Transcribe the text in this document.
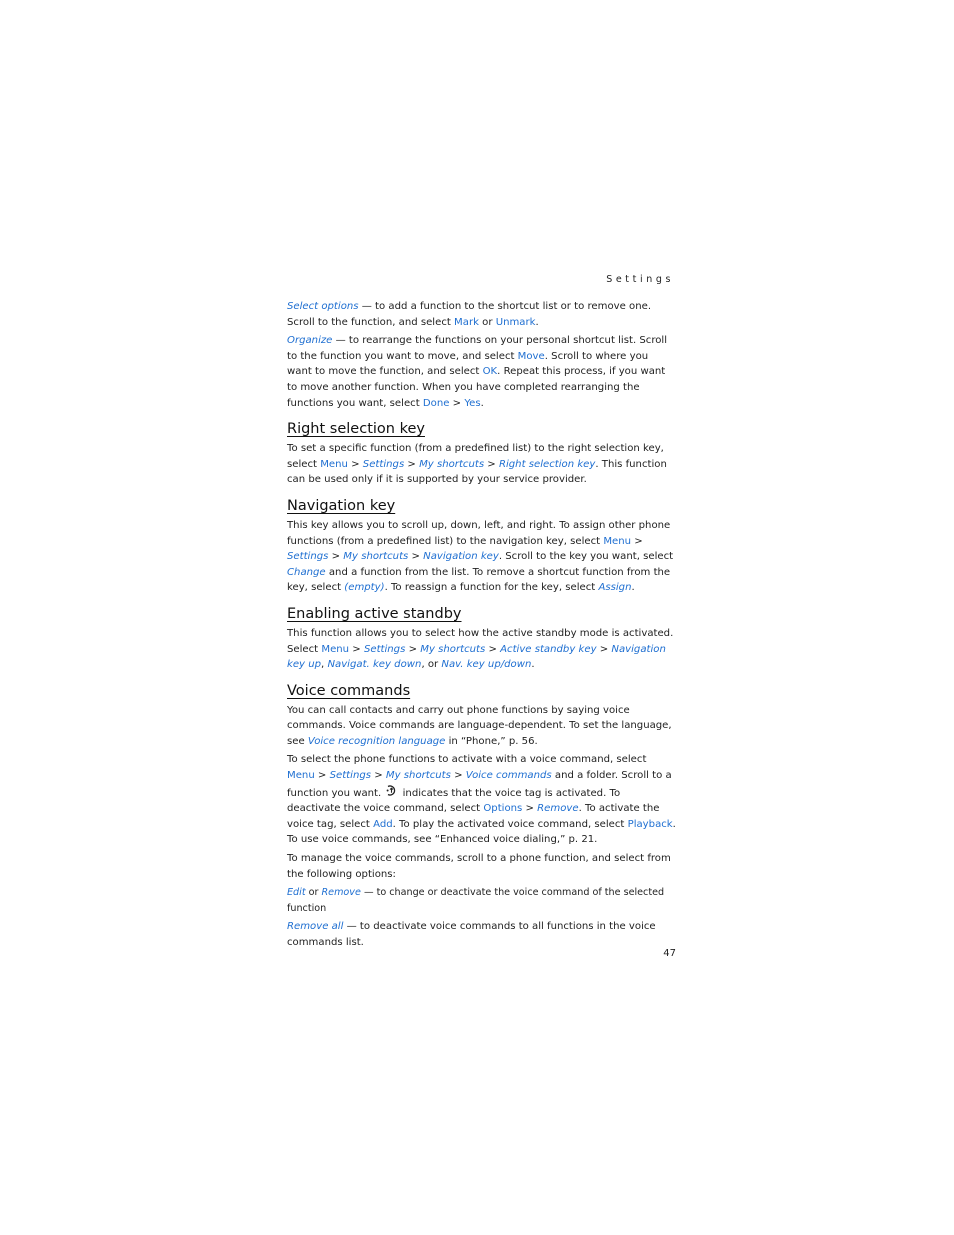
Settings

Select options — to add a function to the shortcut list or to remove one. Scroll to the function, and select Mark or Unmark.

Organize — to rearrange the functions on your personal shortcut list. Scroll to the function you want to move, and select Move. Scroll to where you want to move the function, and select OK. Repeat this process, if you want to move another function. When you have completed rearranging the functions you want, select Done > Yes.

Right selection key

To set a specific function (from a predefined list) to the right selection key, select Menu > Settings > My shortcuts > Right selection key. This function can be used only if it is supported by your service provider.

Navigation key

This key allows you to scroll up, down, left, and right. To assign other phone functions (from a predefined list) to the navigation key, select Menu > Settings > My shortcuts > Navigation key. Scroll to the key you want, select Change and a function from the list. To remove a shortcut function from the key, select (empty). To reassign a function for the key, select Assign.

Enabling active standby

This function allows you to select how the active standby mode is activated. Select Menu > Settings > My shortcuts > Active standby key > Navigation key up, Navigat. key down, or Nav. key up/down.

Voice commands

You can call contacts and carry out phone functions by saying voice commands. Voice commands are language-dependent. To set the language, see Voice recognition language in “Phone,” p. 56.

To select the phone functions to activate with a voice command, select Menu > Settings > My shortcuts > Voice commands and a folder. Scroll to a function you want.  indicates that the voice tag is activated. To deactivate the voice command, select Options > Remove. To activate the voice tag, select Add. To play the activated voice command, select Playback. To use voice commands, see “Enhanced voice dialing,” p. 21.

To manage the voice commands, scroll to a phone function, and select from the following options:

Edit or Remove — to change or deactivate the voice command of the selected function

Remove all — to deactivate voice commands to all functions in the voice commands list.

47
